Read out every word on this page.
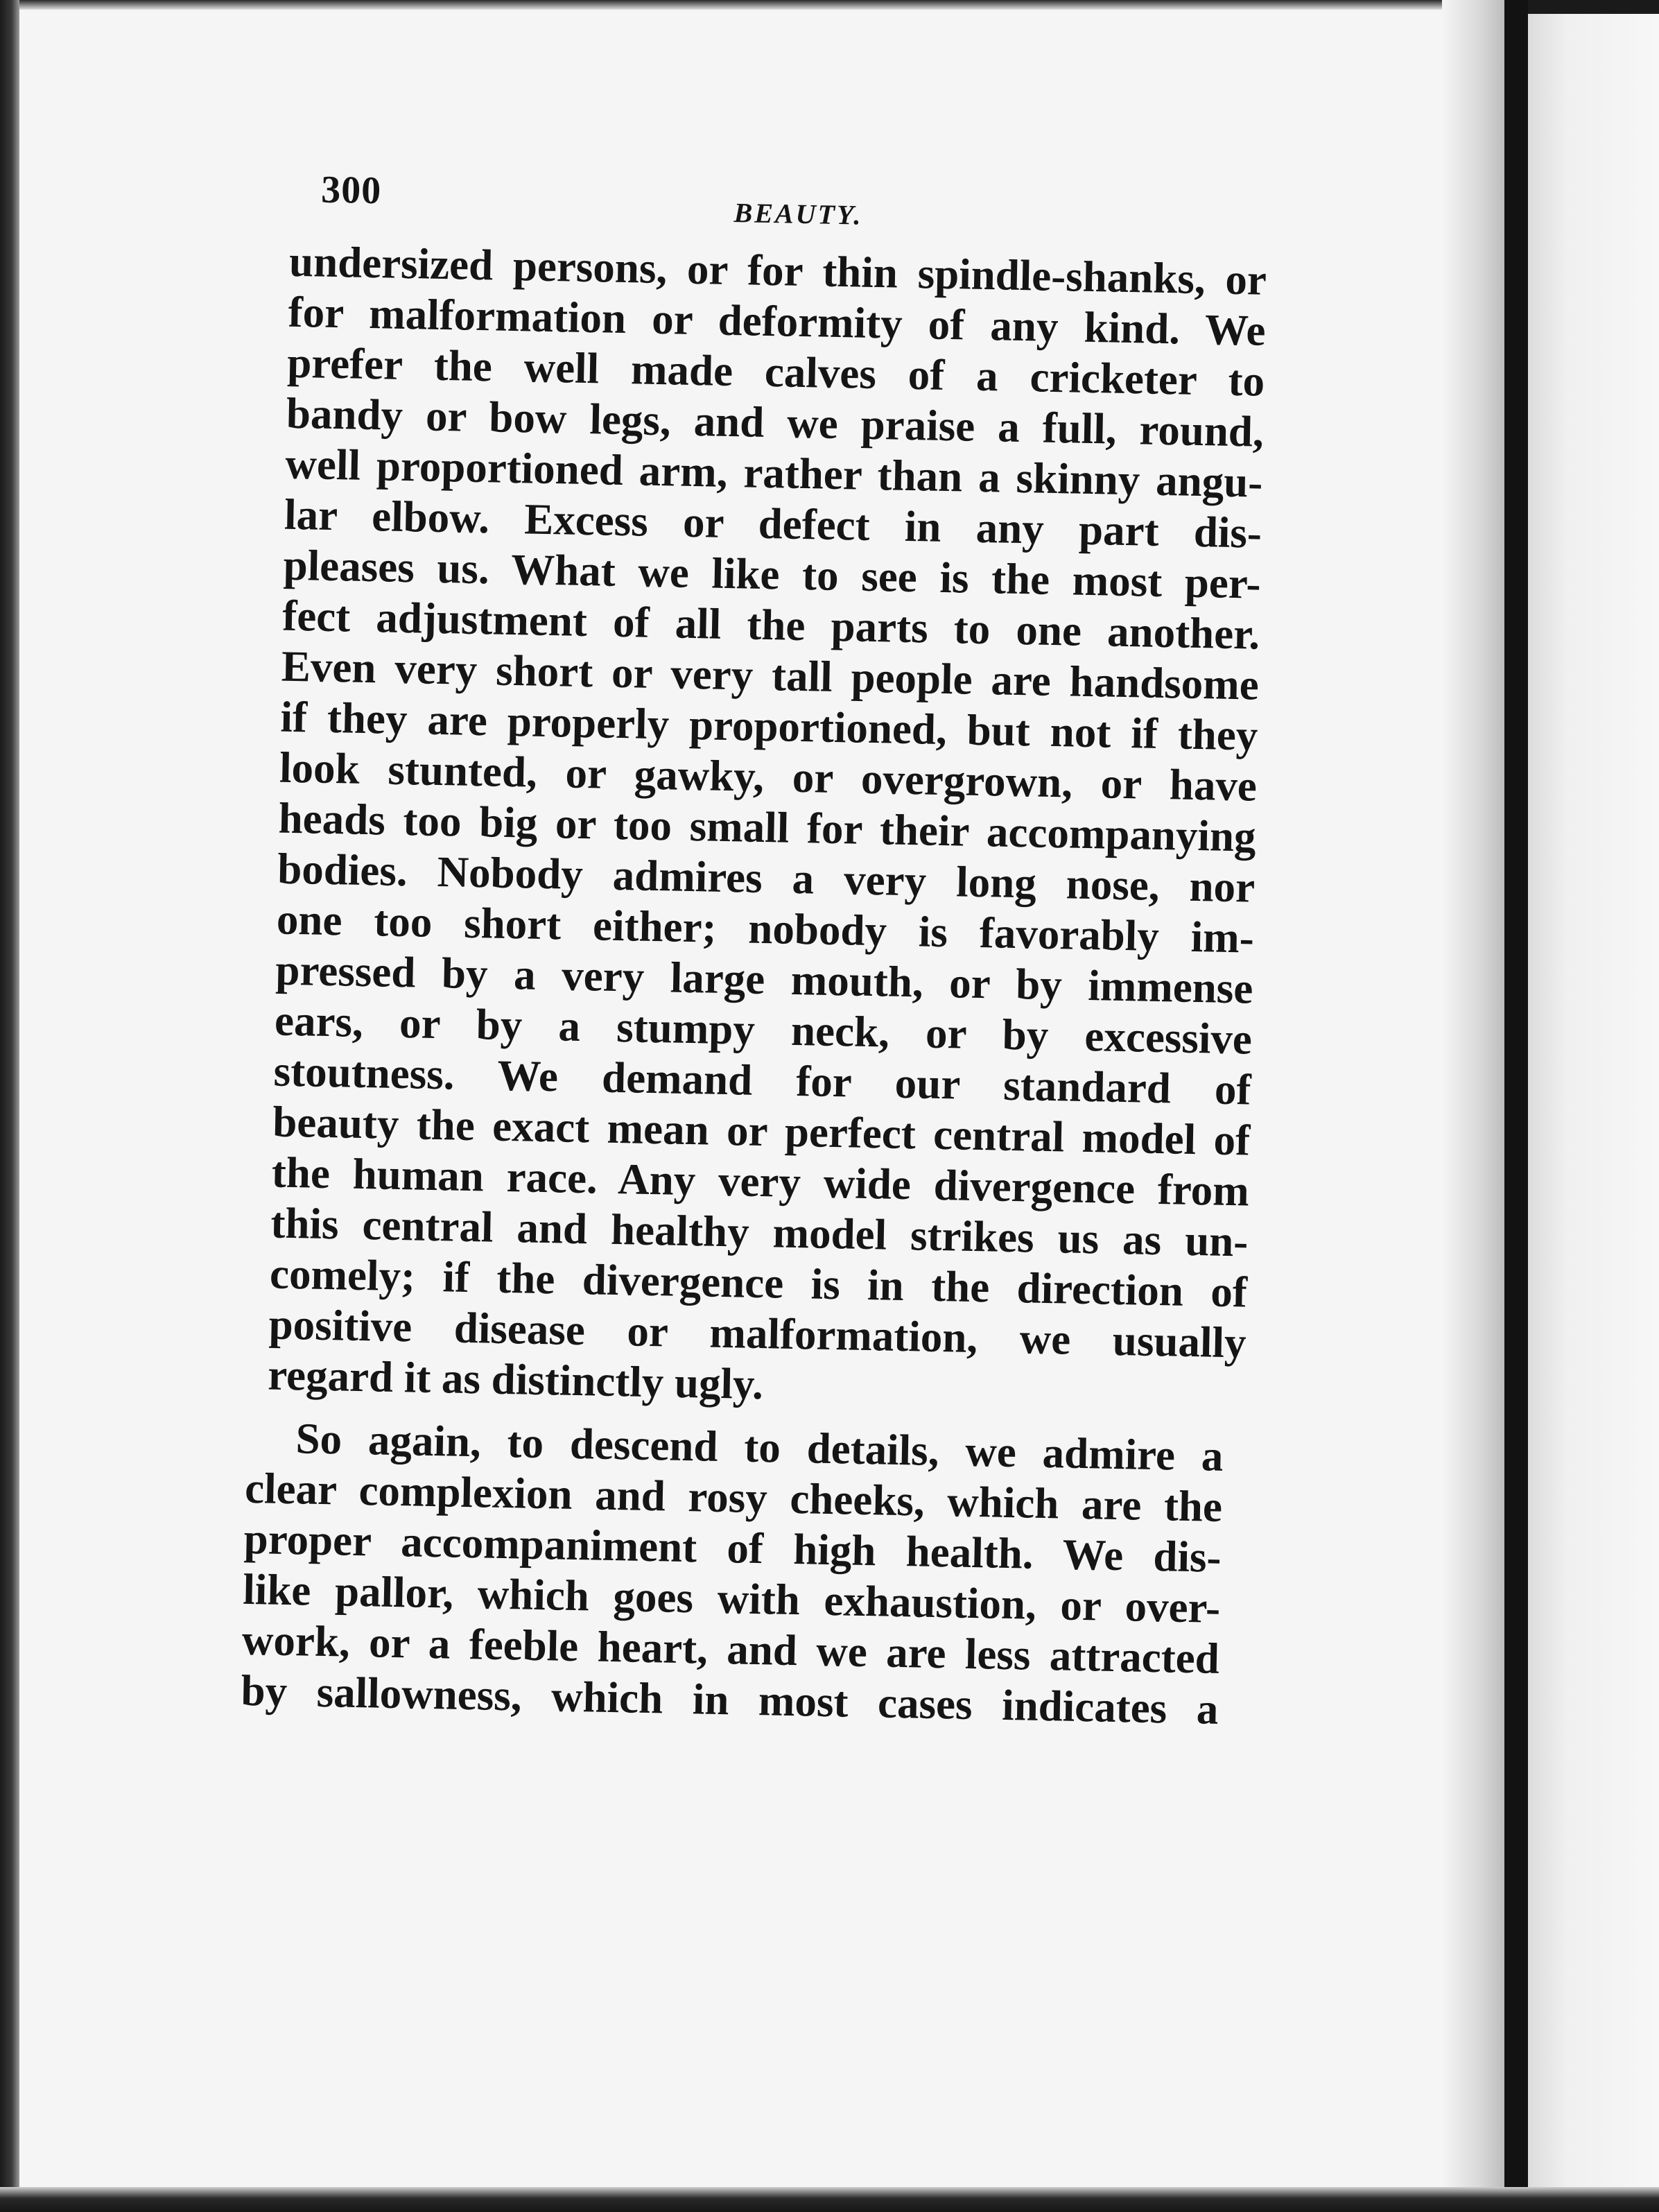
300
BEAUTY.
undersized persons, or for thin spindle-shanks, or
for malformation or deformity of any kind. We
prefer the well made calves of a cricketer to
bandy or bow legs, and we praise a full, round,
well proportioned arm, rather than a skinny angu-
lar elbow. Excess or defect in any part dis-
pleases us. What we like to see is the most per-
fect adjustment of all the parts to one another.
Even very short or very tall people are handsome
if they are properly proportioned, but not if they
look stunted, or gawky, or overgrown, or have
heads too big or too small for their accompanying
bodies. Nobody admires a very long nose, nor
one too short either; nobody is favorably im-
pressed by a very large mouth, or by immense
ears, or by a stumpy neck, or by excessive
stoutness. We demand for our standard of
beauty the exact mean or perfect central model of
the human race. Any very wide divergence from
this central and healthy model strikes us as un-
comely; if the divergence is in the direction of
positive disease or malformation, we usually
regard it as distinctly ugly.
So again, to descend to details, we admire a
clear complexion and rosy cheeks, which are the
proper accompaniment of high health. We dis-
like pallor, which goes with exhaustion, or over-
work, or a feeble heart, and we are less attracted
by sallowness, which in most cases indicates a
